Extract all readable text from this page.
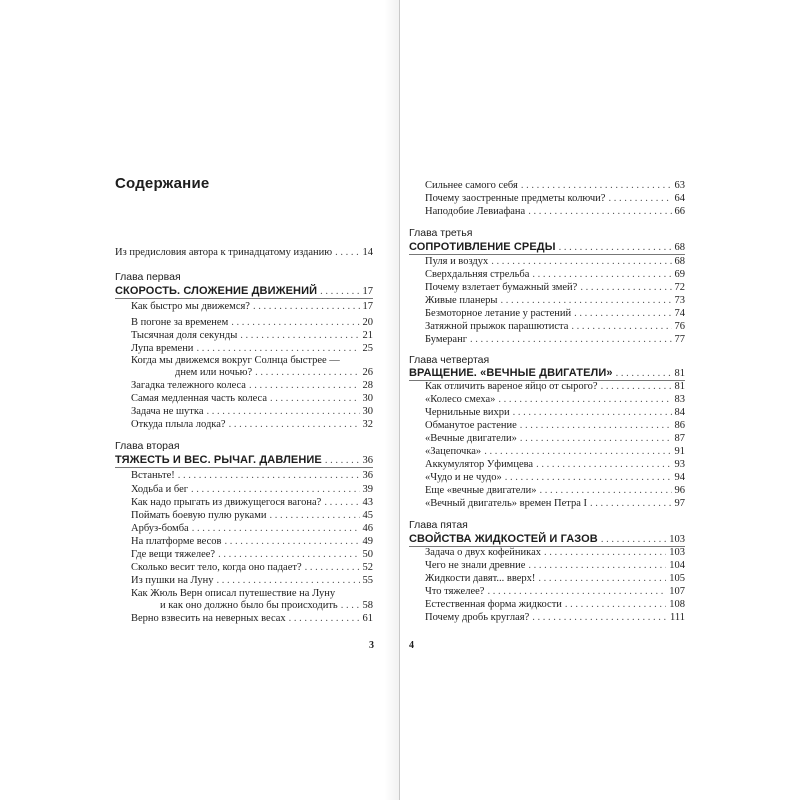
Содержание
Из предисловия автора к тринадцатому изданию . . .	14
Глава первая
СКОРОСТЬ. СЛОЖЕНИЕ ДВИЖЕНИЙ . . .	17
Как быстро мы движемся? . . .	17
В погоне за временем . . .	20
Тысячная доля секунды . . .	21
Лупа времени . . .	25
Когда мы движемся вокруг Солнца быстрее —
днем или ночью? . . .	26
Загадка тележного колеса . . .	28
Самая медленная часть колеса . . .	30
Задача не шутка . . .	30
Откуда плыла лодка? . . .	32
Глава вторая
ТЯЖЕСТЬ И ВЕС. РЫЧАГ. ДАВЛЕНИЕ . . .	36
Встаньте! . . .	36
Ходьба и бег . . .	39
Как надо прыгать из движущегося вагона? . . .	43
Поймать боевую пулю руками . . .	45
Арбуз-бомба . . .	46
На платформе весов . . .	49
Где вещи тяжелее? . . .	50
Сколько весит тело, когда оно падает? . . .	52
Из пушки на Луну . . .	55
Как Жюль Верн описал путешествие на Луну
и как оно должно было бы происходить . . . 58
Верно взвесить на неверных весах . . .	61
3
Сильнее самого себя . . .	63
Почему заостренные предметы колючи? . . .	64
Наподобие Левиафана . . .	66
Глава третья
СОПРОТИВЛЕНИЕ СРЕДЫ . . .	68
Пуля и воздух . . .	68
Сверхдальняя стрельба . . .	69
Почему взлетает бумажный змей? . . .	72
Живые планеры . . .	73
Безмоторное летание у растений . . .	74
Затяжной прыжок парашютиста . . .	76
Бумеранг . . .	77
Глава четвертая
ВРАЩЕНИЕ. «ВЕЧНЫЕ ДВИГАТЕЛИ» . . .	81
Как отличить вареное яйцо от сырого? . . .	81
«Колесо смеха» . . .	83
Чернильные вихри . . .	84
Обманутое растение . . .	86
«Вечные двигатели» . . .	87
«Зацепочка» . . .	91
Аккумулятор Уфимцева . . .	93
«Чудо и не чудо» . . .	94
Еще «вечные двигатели» . . .	96
«Вечный двигатель» времен Петра I . . .	97
Глава пятая
СВОЙСТВА ЖИДКОСТЕЙ И ГАЗОВ . . .	103
Задача о двух кофейниках . . .	103
Чего не знали древние . . .	104
Жидкости давят... вверх! . . .	105
Что тяжелее? . . .	107
Естественная форма жидкости . . .	108
Почему дробь круглая? . . .	111
4
